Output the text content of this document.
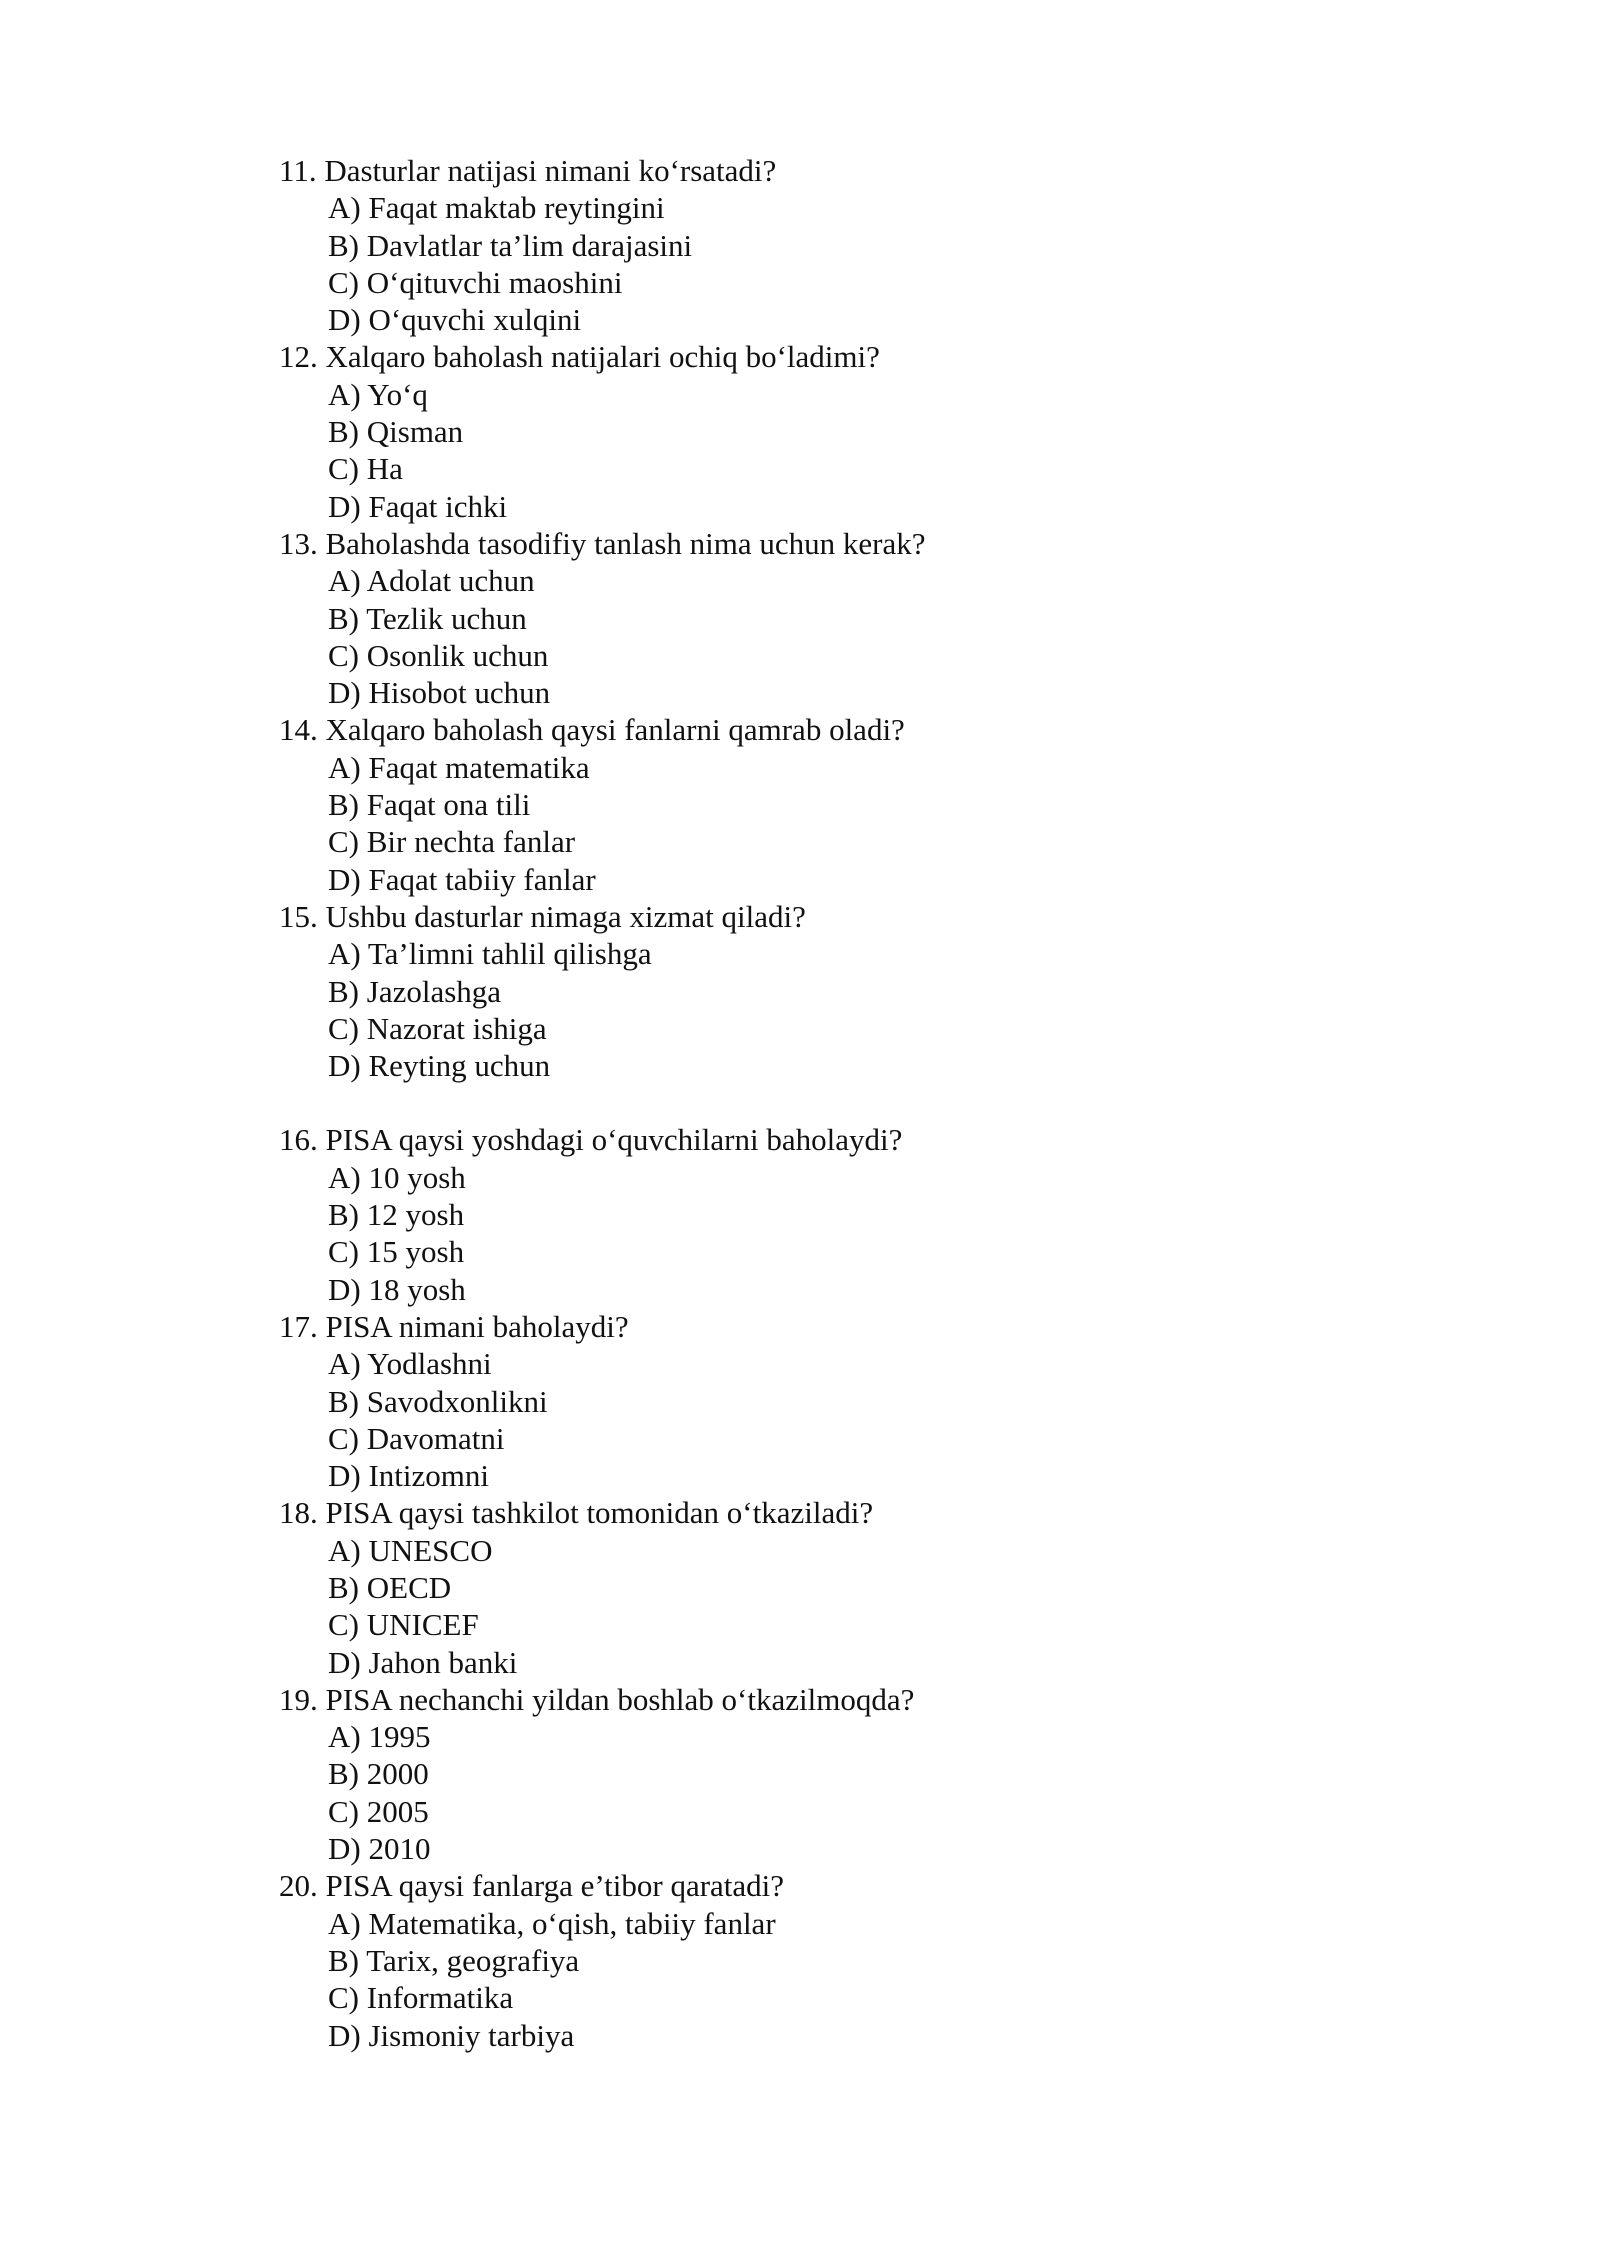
11. Dasturlar natijasi nimani ko‘rsatadi?
A) Faqat maktab reytingini
B) Davlatlar ta’lim darajasini
C) O‘qituvchi maoshini
D) O‘quvchi xulqini
12. Xalqaro baholash natijalari ochiq bo‘ladimi?
A) Yo‘q
B) Qisman
C) Ha
D) Faqat ichki
13. Baholashda tasodifiy tanlash nima uchun kerak?
A) Adolat uchun
B) Tezlik uchun
C) Osonlik uchun
D) Hisobot uchun
14. Xalqaro baholash qaysi fanlarni qamrab oladi?
A) Faqat matematika
B) Faqat ona tili
C) Bir nechta fanlar
D) Faqat tabiiy fanlar
15. Ushbu dasturlar nimaga xizmat qiladi?
A) Ta’limni tahlil qilishga
B) Jazolashga
C) Nazorat ishiga
D) Reyting uchun
16. PISA qaysi yoshdagi o‘quvchilarni baholaydi?
A) 10 yosh
B) 12 yosh
C) 15 yosh
D) 18 yosh
17. PISA nimani baholaydi?
A) Yodlashni
B) Savodxonlikni
C) Davomatni
D) Intizomni
18. PISA qaysi tashkilot tomonidan o‘tkaziladi?
A) UNESCO
B) OECD
C) UNICEF
D) Jahon banki
19. PISA nechanchi yildan boshlab o‘tkazilmoqda?
A) 1995
B) 2000
C) 2005
D) 2010
20. PISA qaysi fanlarga e’tibor qaratadi?
A) Matematika, o‘qish, tabiiy fanlar
B) Tarix, geografiya
C) Informatika
D) Jismoniy tarbiya
